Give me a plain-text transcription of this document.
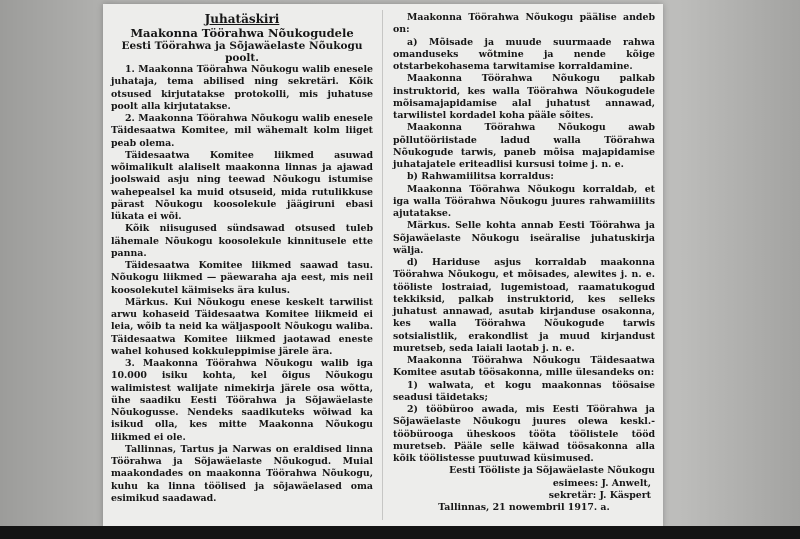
Juhatäskiri

Maakonna Töörahwa Nõukogudele

Eesti Töörahwa ja Sõjawäelaste Nõukogu

poolt.

1. Maakonna Töörahwa Nõukogu walib enesele juhataja, tema abilised ning sekretäri. Kõik otsused kirjutatakse protokolli, mis juhatuse poolt alla kirjutatakse.

2. Maakonna Töörahwa Nõukogu walib enesele Täidesaatwa Komitee, mil wähemalt kolm liiget peab olema.

Täidesaatwa Komitee liikmed asuwad wõimalikult alaliselt maakonna linnas ja ajawad joolswaid asju ning teewad Nõukogu istumise wahepealsel ka muid otsuseid, mida rutulikkuse pärast Nõukogu koosolekule jäägiruni ebasi lükata ei wõi.

Kõik niisugused sündsawad otsused tuleb lähemale Nõukogu koosolekule kinnitusele ette panna.

Täidesaatwa Komitee liikmed saawad tasu. Nõukogu liikmed — päewaraha aja eest, mis neil koosolekutel käimiseks ära kulus.

Märkus. Kui Nõukogu enese keskelt tarwilist arwu kohaseid Täidesaatwa Komitee liikmeid ei leia, wõib ta neid ka wäljaspoolt Nõukogu waliba. Täidesaatwa Komitee liikmed jaotawad eneste wahel kohused kokkuleppimise järele ära.

3. Maakonna Töörahwa Nõukogu walib iga 10.000 isiku kohta, kel õigus Nõukogu walimistest walijate nimekirja järele osa wõtta, ühe saadiku Eesti Töörahwa ja Sõjawäelaste Nõukogusse. Nendeks saadikuteks wõiwad ka isikud olla, kes mitte Maakonna Nõukogu liikmed ei ole.

Tallinnas, Tartus ja Narwas on eraldised linna Töörahwa ja Sõjawäelaste Nõukogud. Muial maakondades on maakonna Töörahwa Nõukogu, kuhu ka linna töölised ja sõjawäelased oma esimikud saadawad.

Maakonna Töörahwa Nõukogu päälise andeb on:

a) Mõisade ja muude suurmaade rahwa omanduseks wõtmine ja nende kõige otstarbekohasema tarwitamise korraldamine.

Maakonna Töörahwa Nõukogu palkab instruktorid, kes walla Töörahwa Nõukogudele mõisamajapidamise alal juhatust annawad, tarwilistel kordadel koha pääle sõites.

Maakonna Töörahwa Nõukogu awab põllutööriistade ladud walla Töörahwa Nõukogude tarwis, paneb mõisa majapidamise juhatajatele eriteadlisi kursusi toime j. n. e.

b) Rahwamiilitsa korraldus:

Maakonna Töörahwa Nõukogu korraldab, et iga walla Töörahwa Nõukogu juures rahwamiilits ajutatakse.

Märkus. Selle kohta annab Eesti Töörahwa ja Sõjawäelaste Nõukogu iseäralise juhatuskirja wälja.

d) Hariduse asjus korraldab maakonna Töörahwa Nõukogu, et mõisades, alewites j. n. e. tööliste lostraiad, lugemistoad, raamatukogud tekkiksid, palkab instruktorid, kes selleks juhatust annawad, asutab kirjanduse osakonna, kes walla Töörahwa Nõukogude tarwis sotsialistlik, erakondlist ja muud kirjandust muretseb, seda laiali laotab j. n. e.

Maakonna Töörahwa Nõukogu Täidesaatwa Komitee asutab töösakonna, mille ülesandeks on:

1) walwata, et kogu maakonnas töösaise seadusi täidetaks;

2) tööbüroo awada, mis Eesti Töörahwa ja Sõjawäelaste Nõukogu juures olewa keskl.-tööbürooga üheskoos tööta töölistele tööd muretseb. Pääle selle käiwad töösakonna alla kõik töölistesse puutuwad küsimused.

Eesti Tööliste ja Sõjawäelaste Nõukogu

esimees: J. Anwelt,

sekretär: J. Käspert

Tallinnas, 21 nowembril 1917. a.
